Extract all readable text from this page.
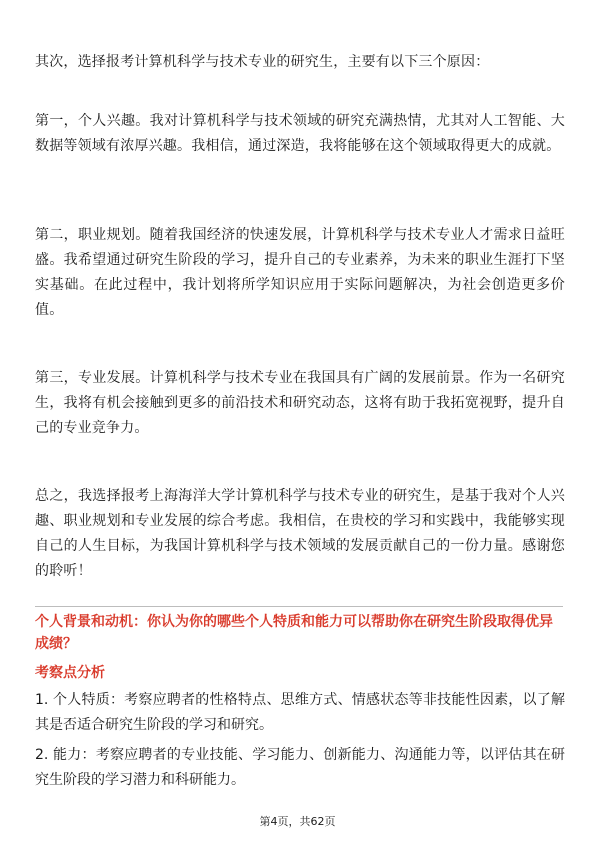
其次，选择报考计算机科学与技术专业的研究生，主要有以下三个原因：

第一，个人兴趣。我对计算机科学与技术领域的研究充满热情，尤其对人工智能、大数据等领域有浓厚兴趣。我相信，通过深造，我将能够在这个领域取得更大的成就。

第二，职业规划。随着我国经济的快速发展，计算机科学与技术专业人才需求日益旺盛。我希望通过研究生阶段的学习，提升自己的专业素养，为未来的职业生涯打下坚实基础。在此过程中，我计划将所学知识应用于实际问题解决，为社会创造更多价值。

第三，专业发展。计算机科学与技术专业在我国具有广阔的发展前景。作为一名研究生，我将有机会接触到更多的前沿技术和研究动态，这将有助于我拓宽视野，提升自己的专业竞争力。

总之，我选择报考上海海洋大学计算机科学与技术专业的研究生，是基于我对个人兴趣、职业规划和专业发展的综合考虑。我相信，在贵校的学习和实践中，我能够实现自己的人生目标，为我国计算机科学与技术领域的发展贡献自己的一份力量。感谢您的聆听！

个人背景和动机：你认为你的哪些个人特质和能力可以帮助你在研究生阶段取得优异成绩？

考察点分析

1. 个人特质：考察应聘者的性格特点、思维方式、情感状态等非技能性因素，以了解其是否适合研究生阶段的学习和研究。

2. 能力：考察应聘者的专业技能、学习能力、创新能力、沟通能力等，以评估其在研究生阶段的学习潜力和科研能力。

第4页，共62页
